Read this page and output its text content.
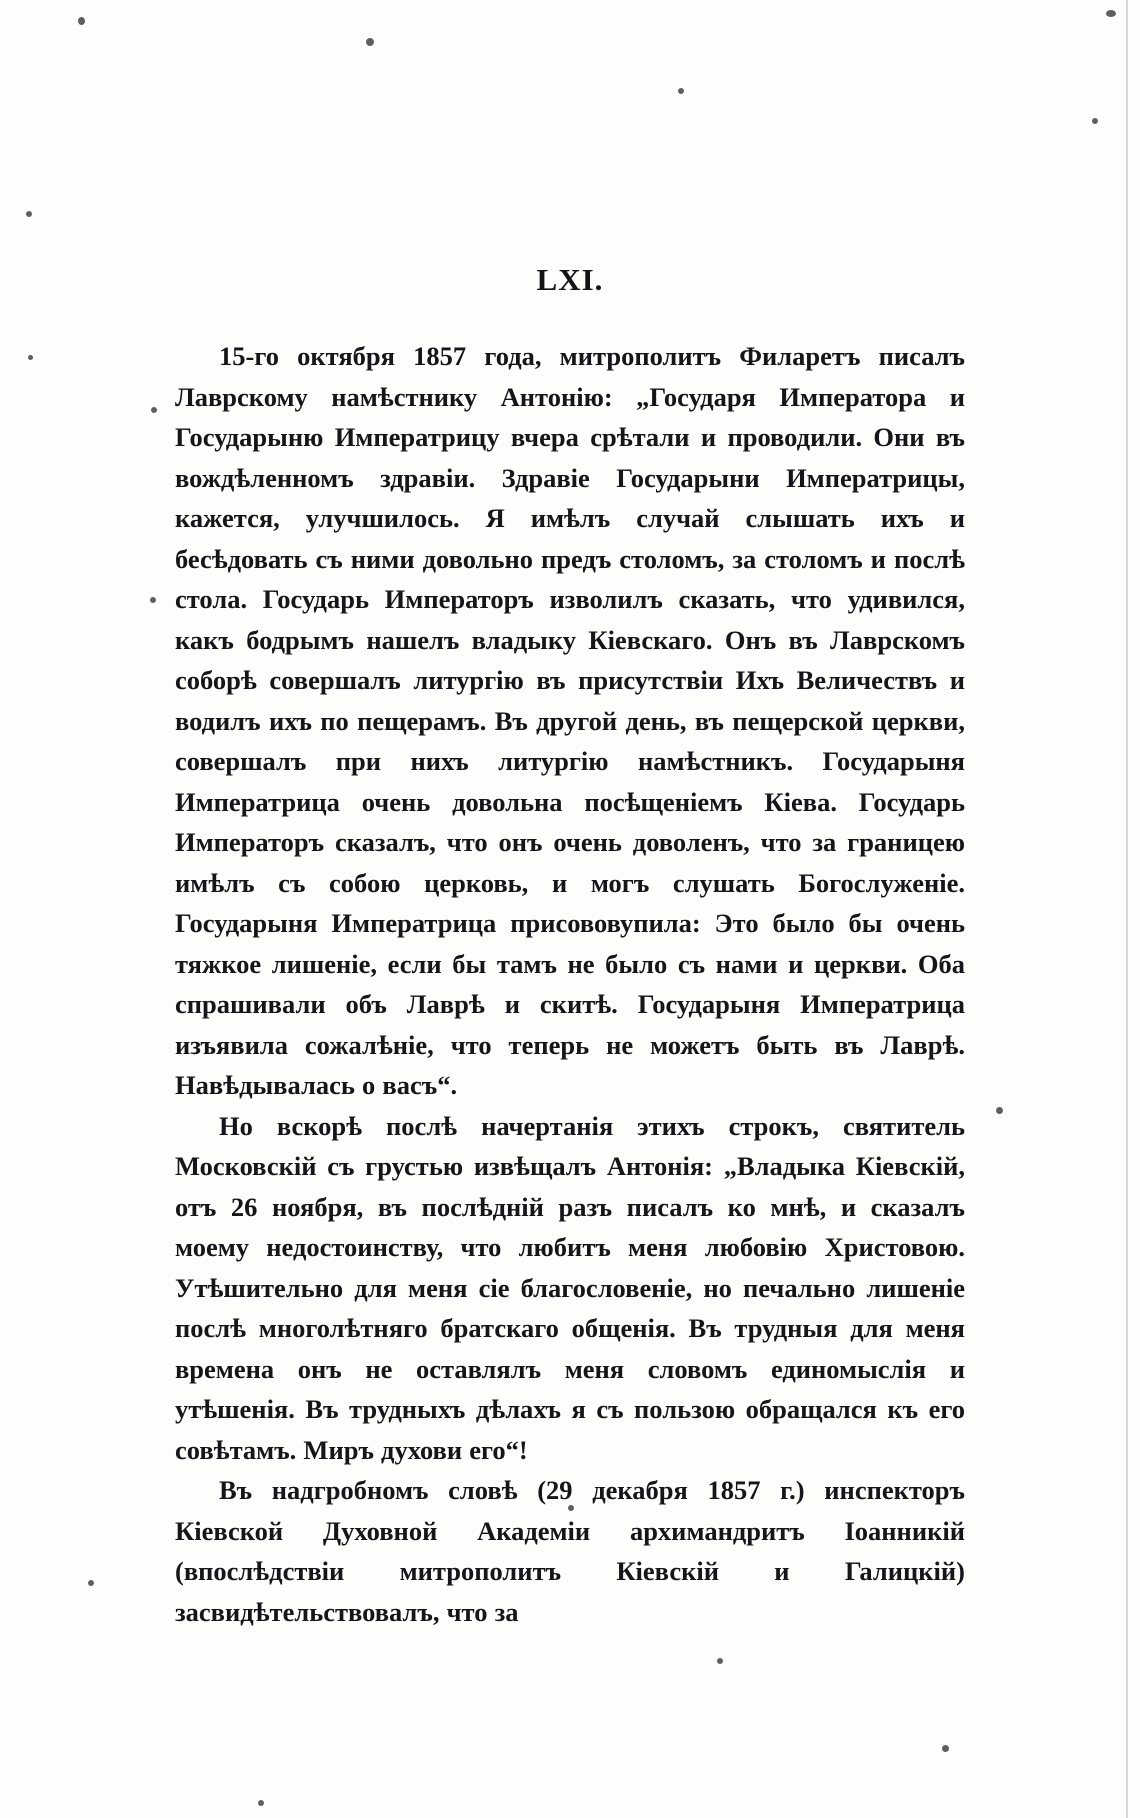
LXI.

15-го октября 1857 года, митрополитъ Филаретъ писалъ Лаврскому намѣстнику Антонію: „Государя Императора и Государыню Императрицу вчера срѣтали и проводили. Они въ вождѣленномъ здравіи. Здравіе Государыни Императрицы, кажется, улучшилось. Я имѣлъ случай слышать ихъ и бесѣдовать съ ними довольно предъ столомъ, за столомъ и послѣ стола. Государь Императоръ изволилъ сказать, что удивился, какъ бодрымъ нашелъ владыку Кіевскаго. Онъ въ Лаврскомъ соборѣ совершалъ литургію въ присутствіи Ихъ Величествъ и водилъ ихъ по пещерамъ. Въ другой день, въ пещерской церкви, совершалъ при нихъ литургію намѣстникъ. Государыня Императрица очень довольна посѣщеніемъ Кіева. Государь Императоръ сказалъ, что онъ очень доволенъ, что за границею имѣлъ съ собою церковь, и могъ слушать Богослуженіе. Государыня Императрица присововупила: Это было бы очень тяжкое лишеніе, если бы тамъ не было съ нами и церкви. Оба спрашивали объ Лаврѣ и скитѣ. Государыня Императрица изъявила сожалѣніе, что теперь не можетъ быть въ Лаврѣ. Навѣдывалась о васъ“.

Но вскорѣ послѣ начертанія этихъ строкъ, святитель Московскій съ грустью извѣщалъ Антонія: „Владыка Кіевскій, отъ 26 ноября, въ послѣдній разъ писалъ ко мнѣ, и сказалъ моему недостоинству, что любитъ меня любовію Христовою. Утѣшительно для меня сіе благословеніе, но печально лишеніе послѣ многолѣтняго братскаго общенія. Въ трудныя для меня времена онъ не оставлялъ меня словомъ единомыслія и утѣшенія. Въ трудныхъ дѣлахъ я съ пользою обращался къ его совѣтамъ. Миръ духови его“!

Въ надгробномъ словѣ (29 декабря 1857 г.) инспекторъ Кіевской Духовной Академіи архимандритъ Іоанникій (впослѣдствіи митрополитъ Кіевскій и Галицкій) засвидѣтельствовалъ, что за
